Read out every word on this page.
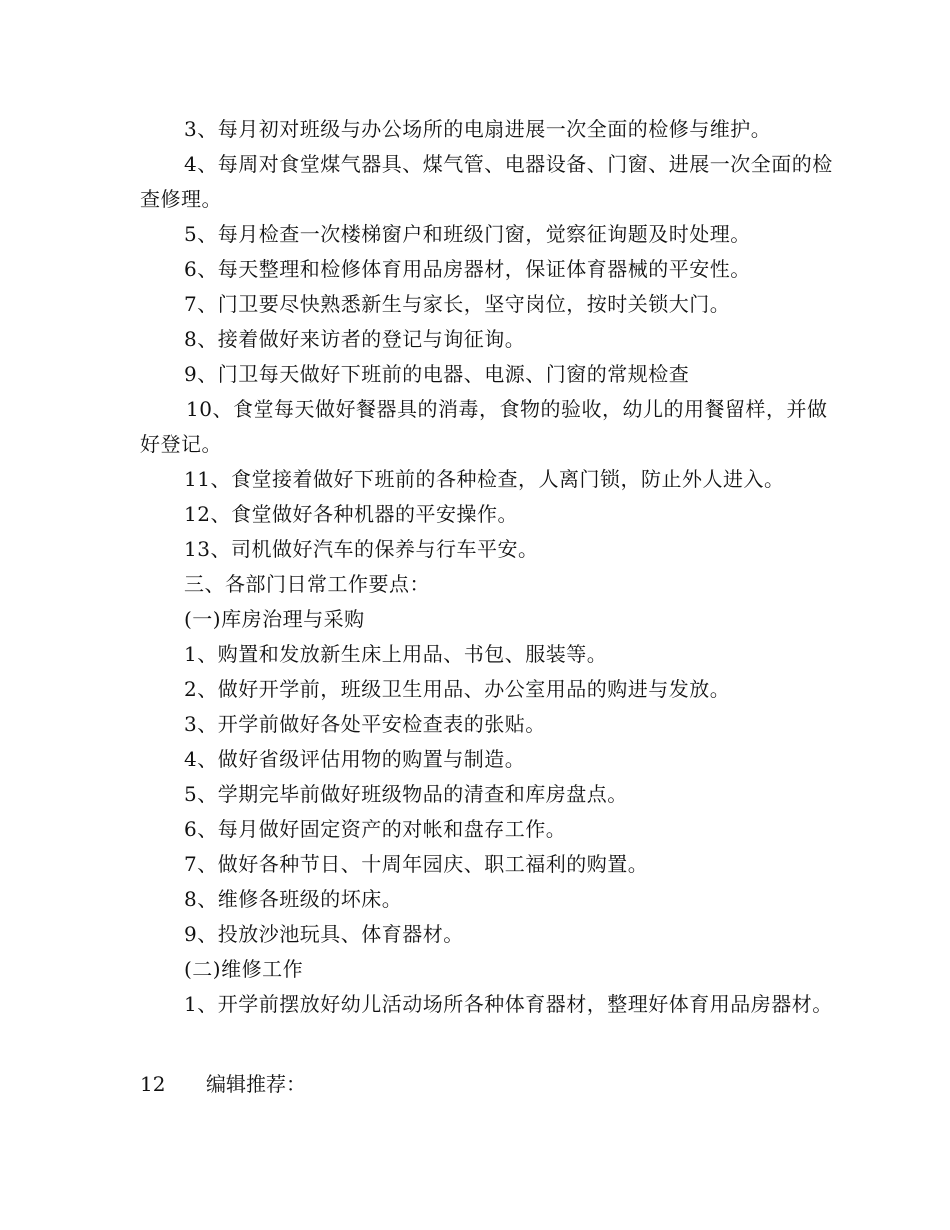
3、每月初对班级与办公场所的电扇进展一次全面的检修与维护。

4、每周对食堂煤气器具、煤气管、电器设备、门窗、进展一次全面的检查修理。

5、每月检查一次楼梯窗户和班级门窗，觉察征询题及时处理。

6、每天整理和检修体育用品房器材，保证体育器械的平安性。

7、门卫要尽快熟悉新生与家长，坚守岗位，按时关锁大门。

8、接着做好来访者的登记与询征询。

9、门卫每天做好下班前的电器、电源、门窗的常规检查

10、食堂每天做好餐器具的消毒，食物的验收，幼儿的用餐留样，并做好登记。

11、食堂接着做好下班前的各种检查，人离门锁，防止外人进入。

12、食堂做好各种机器的平安操作。

13、司机做好汽车的保养与行车平安。

三、各部门日常工作要点：

(一)库房治理与采购

1、购置和发放新生床上用品、书包、服装等。

2、做好开学前，班级卫生用品、办公室用品的购进与发放。

3、开学前做好各处平安检查表的张贴。

4、做好省级评估用物的购置与制造。

5、学期完毕前做好班级物品的清查和库房盘点。

6、每月做好固定资产的对帐和盘存工作。

7、做好各种节日、十周年园庆、职工福利的购置。

8、维修各班级的坏床。

9、投放沙池玩具、体育器材。

(二)维修工作

1、开学前摆放好幼儿活动场所各种体育器材，整理好体育用品房器材。

12 编辑推荐：
